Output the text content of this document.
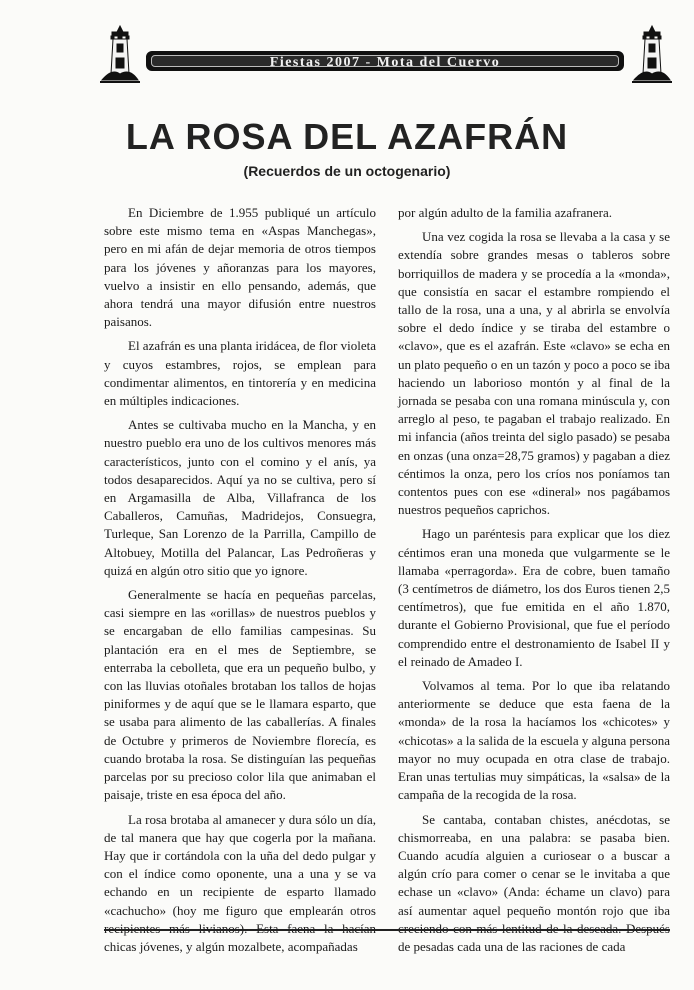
Fiestas 2007 - Mota del Cuervo
LA ROSA DEL AZAFRÁN
(Recuerdos de un octogenario)

En Diciembre de 1.955 publiqué un artículo sobre este mismo tema en «Aspas Manchegas», pero en mi afán de dejar memoria de otros tiempos para los jóvenes y añoranzas para los mayores, vuelvo a insistir en ello pensando, además, que ahora tendrá una mayor difusión entre nuestros paisanos.

El azafrán es una planta iridácea, de flor violeta y cuyos estambres, rojos, se emplean para condimentar alimentos, en tintorería y en medicina en múltiples indicaciones.

Antes se cultivaba mucho en la Mancha, y en nuestro pueblo era uno de los cultivos menores más característicos, junto con el comino y el anís, ya todos desaparecidos. Aquí ya no se cultiva, pero sí en Argamasilla de Alba, Villafranca de los Caballeros, Camuñas, Madridejos, Consuegra, Turleque, San Lorenzo de la Parrilla, Campillo de Altobuey, Motilla del Palancar, Las Pedroñeras y quizá en algún otro sitio que yo ignore.

Generalmente se hacía en pequeñas parcelas, casi siempre en las «orillas» de nuestros pueblos y se encargaban de ello familias campesinas. Su plantación era en el mes de Septiembre, se enterraba la cebolleta, que era un pequeño bulbo, y con las lluvias otoñales brotaban los tallos de hojas piniformes y de aquí que se le llamara esparto, que se usaba para alimento de las caballerías. A finales de Octubre y primeros de Noviembre florecía, es cuando brotaba la rosa. Se distinguían las pequeñas parcelas por su precioso color lila que animaban el paisaje, triste en esa época del año.

La rosa brotaba al amanecer y dura sólo un día, de tal manera que hay que cogerla por la mañana. Hay que ir cortándola con la uña del dedo pulgar y con el índice como oponente, una a una y se va echando en un recipiente de esparto llamado «cachucho» (hoy me figuro que emplearán otros recipientes más livianos). Esta faena la hacían chicas jóvenes, y algún mozalbete, acompañadas

por algún adulto de la familia azafranera.

Una vez cogida la rosa se llevaba a la casa y se extendía sobre grandes mesas o tableros sobre borriquillos de madera y se procedía a la «monda», que consistía en sacar el estambre rompiendo el tallo de la rosa, una a una, y al abrirla se envolvía sobre el dedo índice y se tiraba del estambre o «clavo», que es el azafrán. Este «clavo» se echa en un plato pequeño o en un tazón y poco a poco se iba haciendo un laborioso montón y al final de la jornada se pesaba con una romana minúscula y, con arreglo al peso, te pagaban el trabajo realizado. En mi infancia (años treinta del siglo pasado) se pesaba en onzas (una onza=28,75 gramos) y pagaban a diez céntimos la onza, pero los críos nos poníamos tan contentos pues con ese «dineral» nos pagábamos nuestros pequeños caprichos.

Hago un paréntesis para explicar que los diez céntimos eran una moneda que vulgarmente se le llamaba «perragorda». Era de cobre, buen tamaño (3 centímetros de diámetro, los dos Euros tienen 2,5 centímetros), que fue emitida en el año 1.870, durante el Gobierno Provisional, que fue el período comprendido entre el destronamiento de Isabel II y el reinado de Amadeo I.

Volvamos al tema. Por lo que iba relatando anteriormente se deduce que esta faena de la «monda» de la rosa la hacíamos los «chicotes» y «chicotas» a la salida de la escuela y alguna persona mayor no muy ocupada en otra clase de trabajo. Eran unas tertulias muy simpáticas, la «salsa» de la campaña de la recogida de la rosa.

Se cantaba, contaban chistes, anécdotas, se chismorreaba, en una palabra: se pasaba bien. Cuando acudía alguien a curiosear o a buscar a algún crío para comer o cenar se le invitaba a que echase un «clavo» (Anda: échame un clavo) para así aumentar aquel pequeño montón rojo que iba creciendo con más lentitud de la deseada. Después de pesadas cada una de las raciones de cada
